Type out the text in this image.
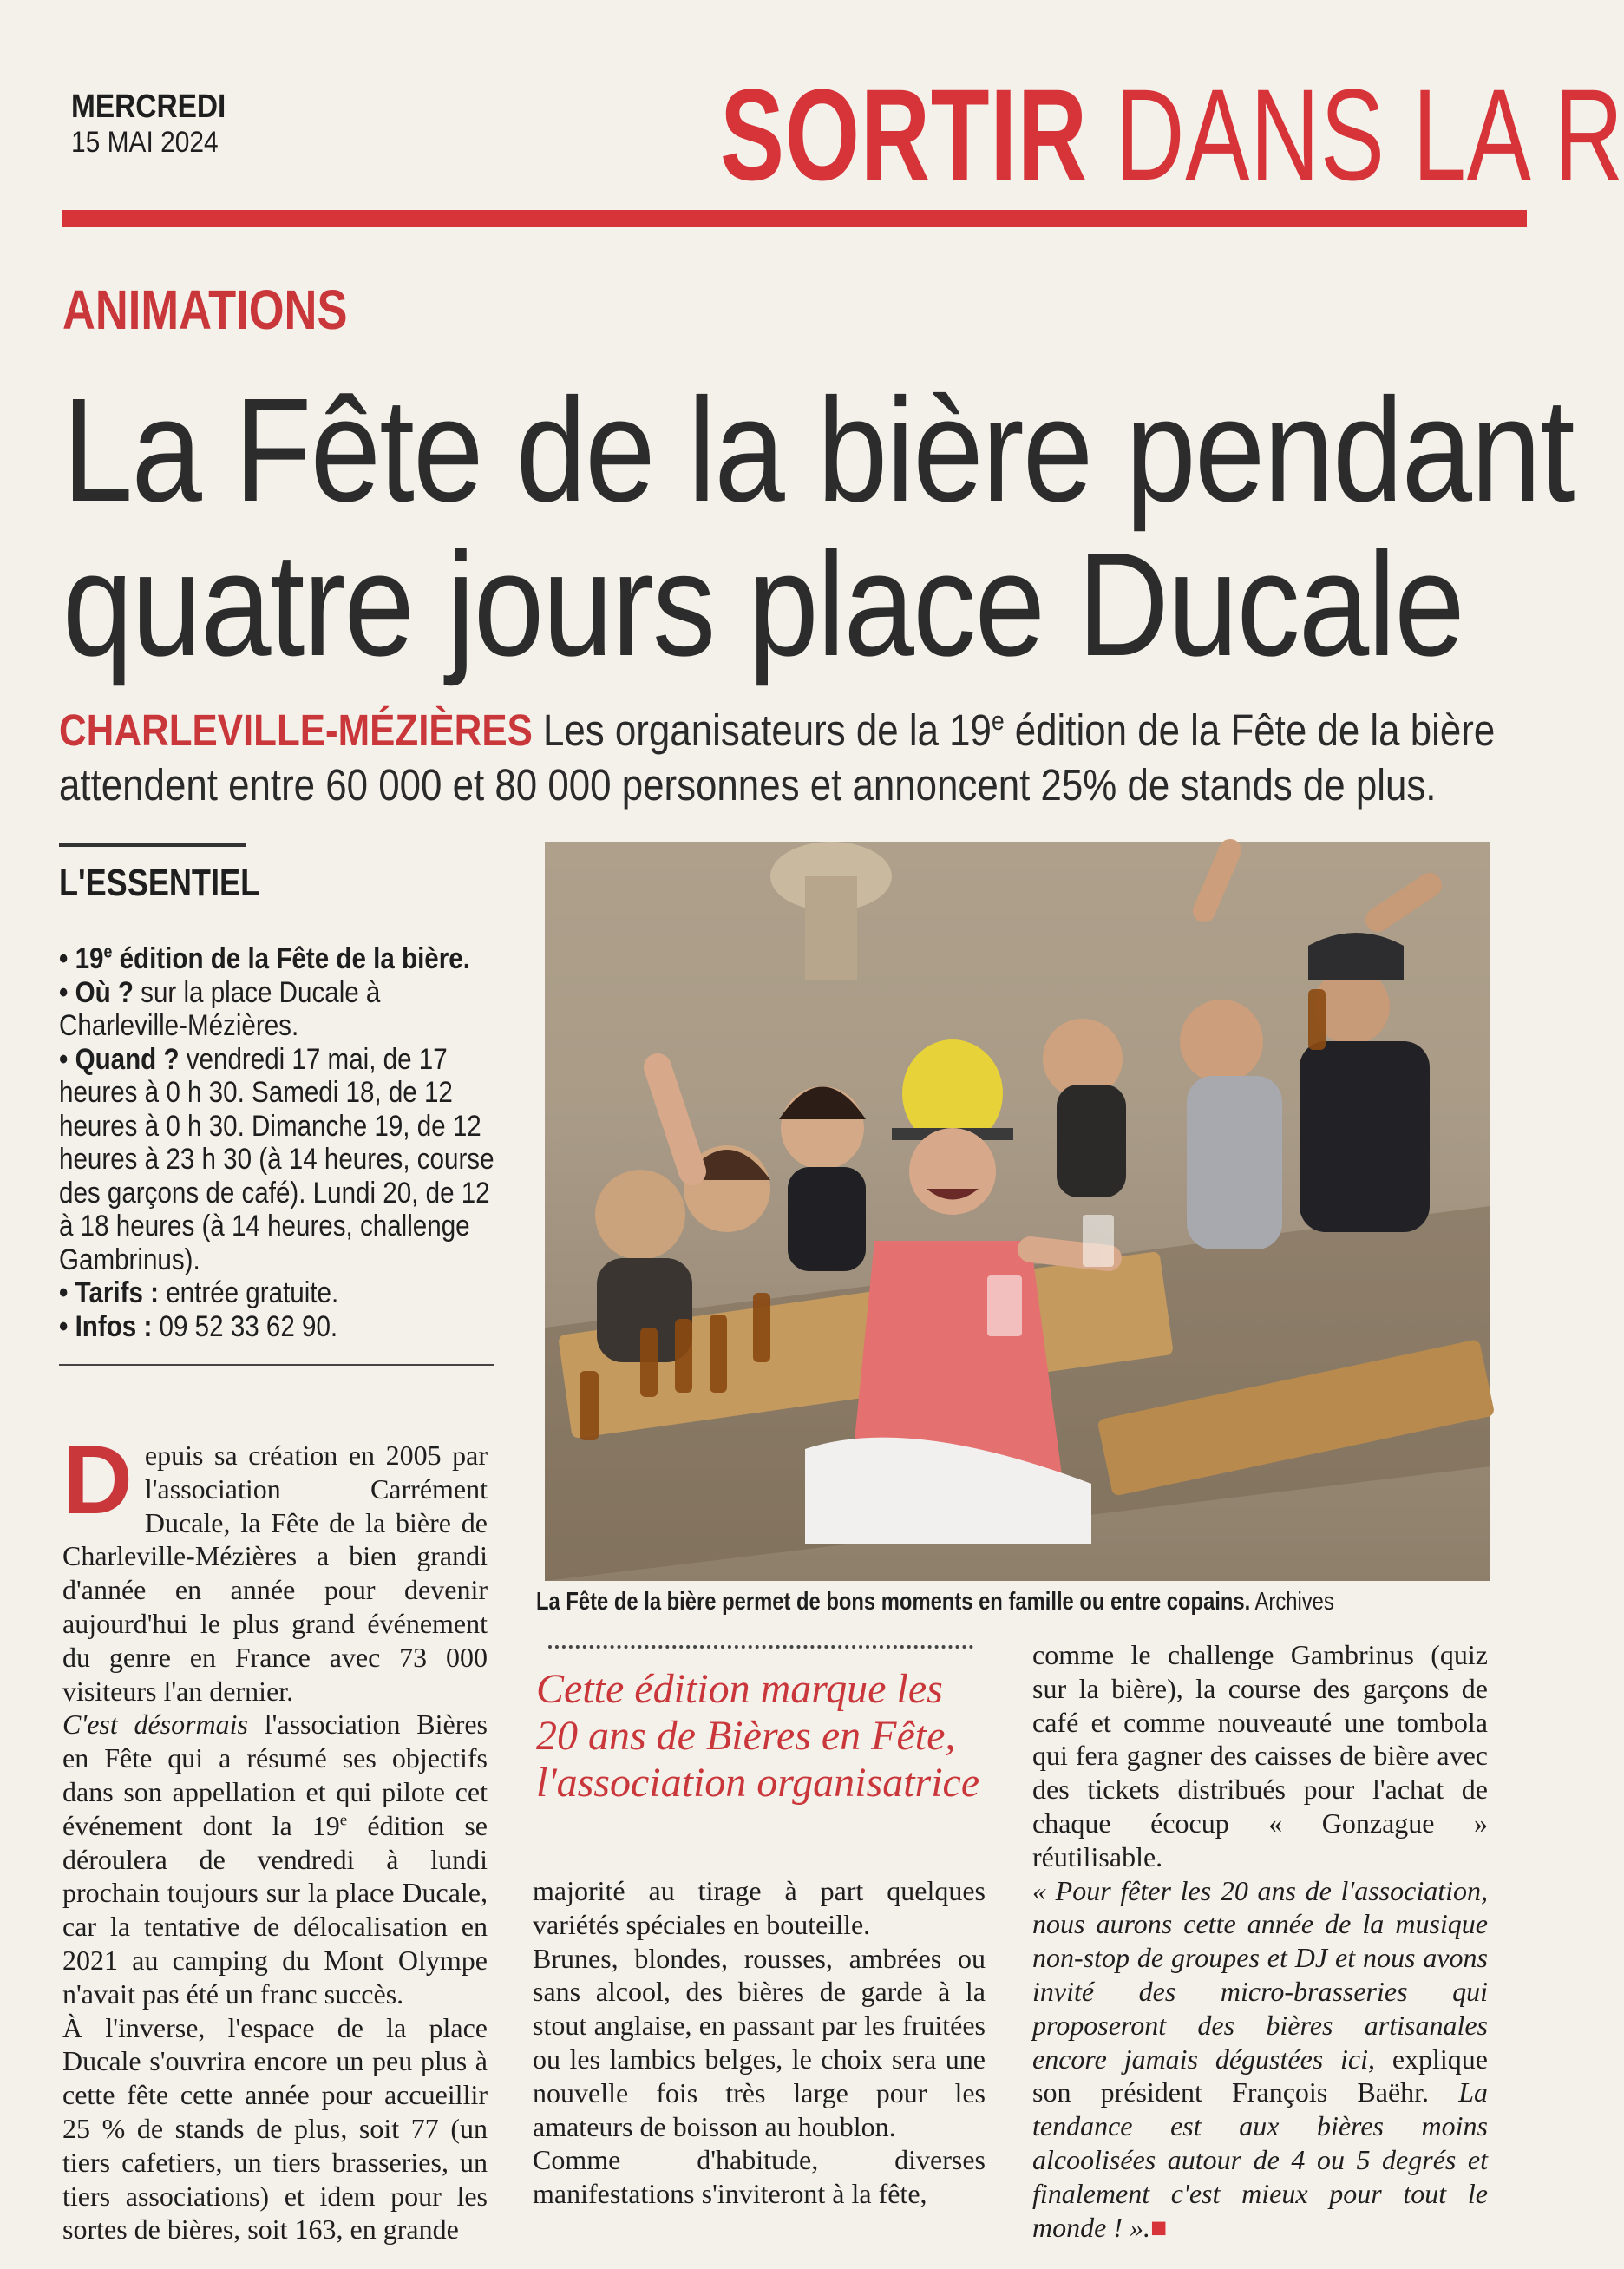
MERCREDI
15 MAI 2024	SORTIR DANS LA R
ANIMATIONS
La Fête de la bière pendant
quatre jours place Ducale
CHARLEVILLE-MÉZIÈRES Les organisateurs de la 19e édition de la Fête de la bière attendent entre 60 000 et 80 000 personnes et annoncent 25% de stands de plus.
L'ESSENTIEL
• 19e édition de la Fête de la bière.
• Où ? sur la place Ducale à Charleville-Mézières.
• Quand ? vendredi 17 mai, de 17 heures à 0 h 30. Samedi 18, de 12 heures à 0 h 30. Dimanche 19, de 12 heures à 23 h 30 (à 14 heures, course des garçons de café). Lundi 20, de 12 à 18 heures (à 14 heures, challenge Gambrinus).
• Tarifs : entrée gratuite.
• Infos : 09 52 33 62 90.
La Fête de la bière permet de bons moments en famille ou entre copains. Archives
D epuis sa création en 2005 par l'association Carrément Ducale, la Fête de la bière de Charleville-Mézières a bien grandi d'année en année pour devenir aujourd'hui le plus grand événement du genre en France avec 73 000 visiteurs l'an dernier.

C'est désormais l'association Bières en Fête qui a résumé ses objectifs dans son appellation et qui pilote cet événement dont la 19e édition se déroulera de vendredi à lundi prochain toujours sur la place Ducale, car la tentative de délocalisation en 2021 au camping du Mont Olympe n'avait pas été un franc succès.

À l'inverse, l'espace de la place Ducale s'ouvrira encore un peu plus à cette fête cette année pour accueillir 25 % de stands de plus, soit 77 (un tiers cafetiers, un tiers brasseries, un tiers associations) et idem pour les sortes de bières, soit 163, en grande

Cette édition marque les 20 ans de Bières en Fête, l'association organisatrice

majorité au tirage à part quelques variétés spéciales en bouteille.

Brunes, blondes, rousses, ambrées ou sans alcool, des bières de garde à la stout anglaise, en passant par les fruitées ou les lambics belges, le choix sera une nouvelle fois très large pour les amateurs de boisson au houblon.

Comme d'habitude, diverses manifestations s'inviteront à la fête,

comme le challenge Gambrinus (quiz sur la bière), la course des garçons de café et comme nouveauté une tombola qui fera gagner des caisses de bière avec des tickets distribués pour l'achat de chaque écocup « Gonzague » réutilisable.

« Pour fêter les 20 ans de l'association, nous aurons cette année de la musique non-stop de groupes et DJ et nous avons invité des micro-brasseries qui proposeront des bières artisanales encore jamais dégustées ici, explique son président François Baëhr. La tendance est aux bières moins alcoolisées autour de 4 ou 5 degrés et finalement c'est mieux pour tout le monde ! ».■
